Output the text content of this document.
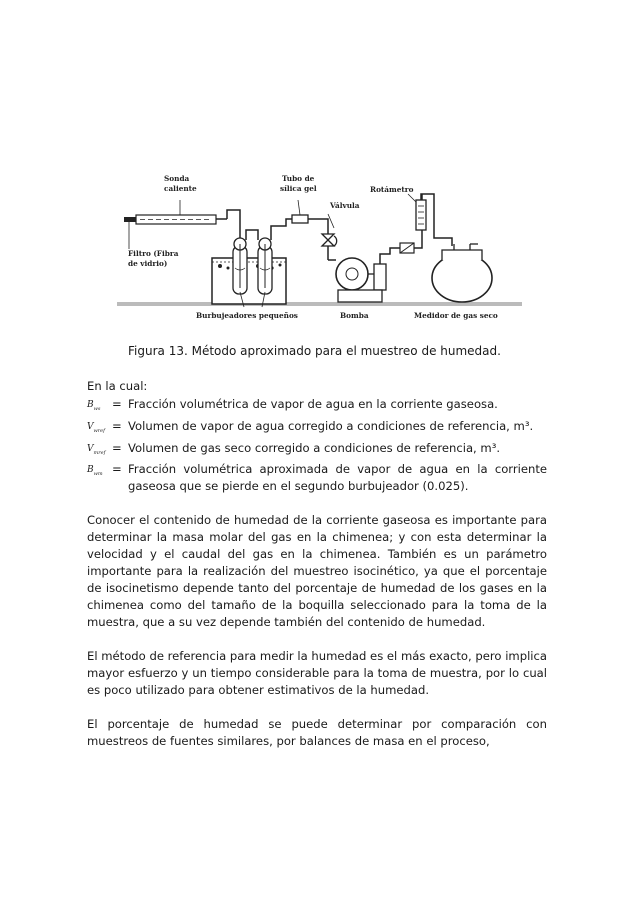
Sonda
caliente
Tubo de
sílica gel	Rotámetro
Válvula
Filtro (Fibra
de vidrio)
Burbujeadores pequeños	Bomba	Medidor de gas seco
Figura 13. Método aproximado para el muestreo de humedad.
En la cual:
$B_{ws}$ = Fracción volumétrica de vapor de agua en la corriente gaseosa.
$V_{wref}$ = Volumen de vapor de agua corregido a condiciones de referencia, m³.
$V_{mref}$ = Volumen de gas seco corregido a condiciones de referencia, m³.
$B_{wm}$ = Fracción volumétrica aproximada de vapor de agua en la corriente gaseosa que se pierde en el segundo burbujeador (0.025).

Conocer el contenido de humedad de la corriente gaseosa es importante para determinar la masa molar del gas en la chimenea; y con esta determinar la velocidad y el caudal del gas en la chimenea. También es un parámetro importante para la realización del muestreo isocinético, ya que el porcentaje de isocinetismo depende tanto del porcentaje de humedad de los gases en la chimenea como del tamaño de la boquilla seleccionado para la toma de la muestra, que a su vez depende también del contenido de humedad.

El método de referencia para medir la humedad es el más exacto, pero implica mayor esfuerzo y un tiempo considerable para la toma de muestra, por lo cual es poco utilizado para obtener estimativos de la humedad.

El porcentaje de humedad se puede determinar por comparación con muestreos de fuentes similares, por balances de masa en el proceso,
